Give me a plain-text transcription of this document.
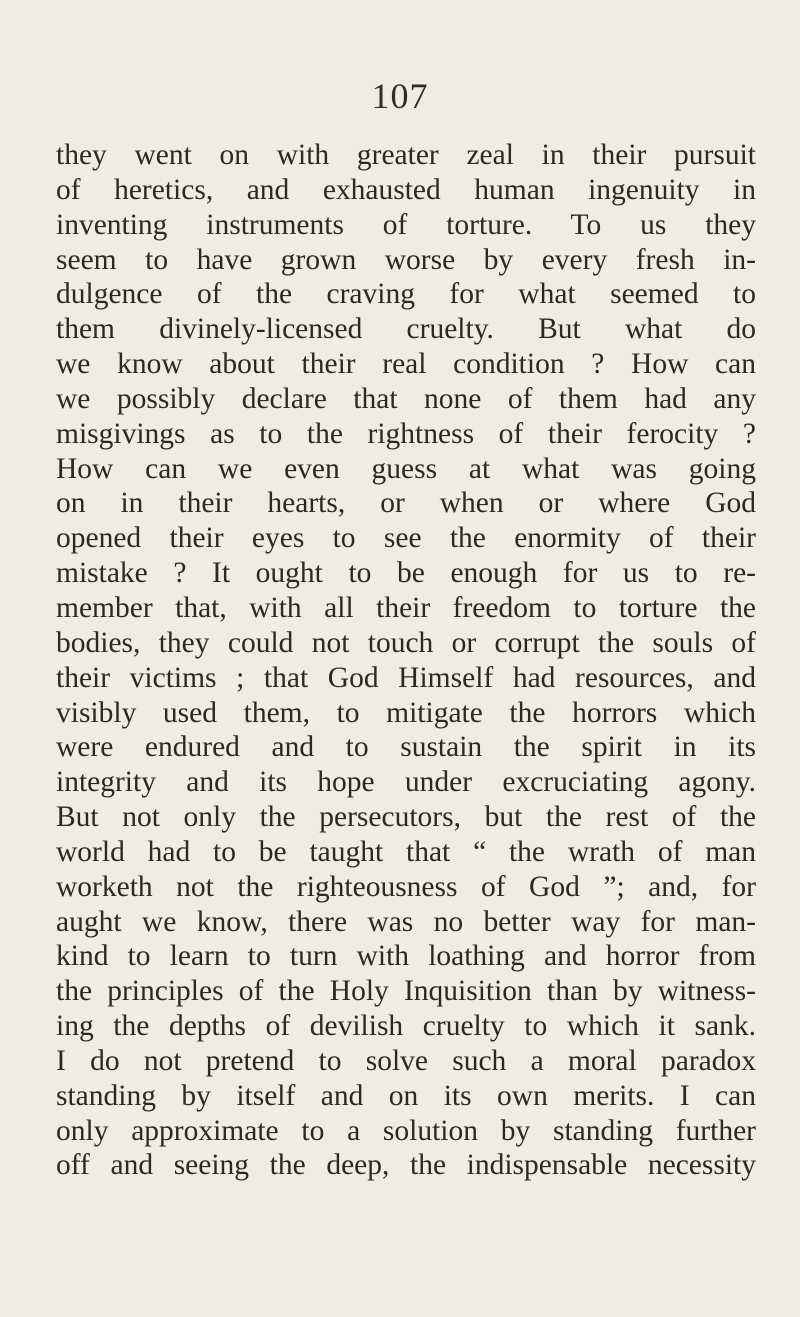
107
they went on with greater zeal in their pursuit
of heretics, and exhausted human ingenuity in
inventing instruments of torture. To us they
seem to have grown worse by every fresh in-
dulgence of the craving for what seemed to
them divinely-licensed cruelty. But what do
we know about their real condition ? How can
we possibly declare that none of them had any
misgivings as to the rightness of their ferocity ?
How can we even guess at what was going
on in their hearts, or when or where God
opened their eyes to see the enormity of their
mistake ? It ought to be enough for us to re-
member that, with all their freedom to torture the
bodies, they could not touch or corrupt the souls of
their victims ; that God Himself had resources, and
visibly used them, to mitigate the horrors which
were endured and to sustain the spirit in its
integrity and its hope under excruciating agony.
But not only the persecutors, but the rest of the
world had to be taught that “ the wrath of man
worketh not the righteousness of God ”; and, for
aught we know, there was no better way for man-
kind to learn to turn with loathing and horror from
the principles of the Holy Inquisition than by witness-
ing the depths of devilish cruelty to which it sank.
I do not pretend to solve such a moral paradox
standing by itself and on its own merits. I can
only approximate to a solution by standing further
off and seeing the deep, the indispensable necessity
